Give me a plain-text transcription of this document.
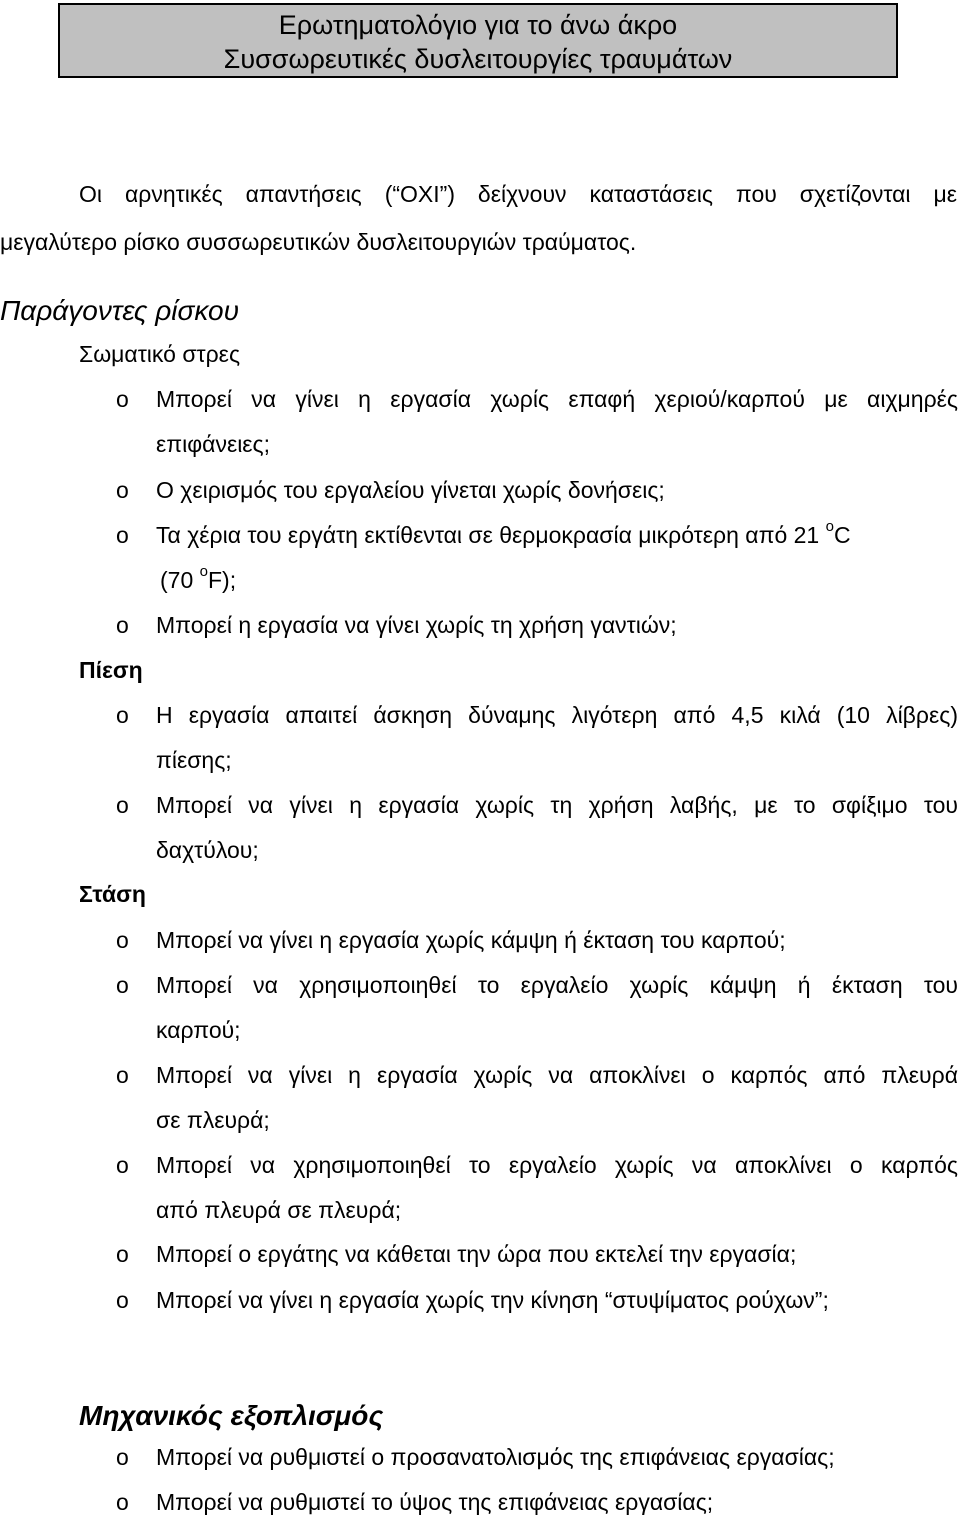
Ερωτηματολόγιο για το άνω άκρο
Συσσωρευτικές δυσλειτουργίες τραυμάτων
Οι αρνητικές απαντήσεις (“ΟΧΙ”) δείχνουν καταστάσεις που σχετίζονται με
μεγαλύτερο ρίσκο συσσωρευτικών δυσλειτουργιών τραύματος.
Παράγοντες ρίσκου
Σωματικό στρες
o Μπορεί να γίνει η εργασία χωρίς επαφή χεριού/καρπού με αιχμηρές
επιφάνειες;
o Ο χειρισμός του εργαλείου γίνεται χωρίς δονήσεις;
o Τα χέρια του εργάτη εκτίθενται σε θερμοκρασία μικρότερη από 21 $^o$C
(70 $^o$F);
o Μπορεί η εργασία να γίνει χωρίς τη χρήση γαντιών;
Πίεση
o Η εργασία απαιτεί άσκηση δύναμης λιγότερη από 4,5 κιλά (10 λίβρες)
πίεσης;
o Μπορεί να γίνει η εργασία χωρίς τη χρήση λαβής, με το σφίξιμο του
δαχτύλου;
Στάση
o Μπορεί να γίνει η εργασία χωρίς κάμψη ή έκταση του καρπού;
o Μπορεί να χρησιμοποιηθεί το εργαλείο χωρίς κάμψη ή έκταση του
καρπού;
o Μπορεί να γίνει η εργασία χωρίς να αποκλίνει ο καρπός από πλευρά
σε πλευρά;
o Μπορεί να χρησιμοποιηθεί το εργαλείο χωρίς να αποκλίνει ο καρπός
από πλευρά σε πλευρά;
o Μπορεί ο εργάτης να κάθεται την ώρα που εκτελεί την εργασία;
o Μπορεί να γίνει η εργασία χωρίς την κίνηση “στυψίματος ρούχων”;
Μηχανικός εξοπλισμός
o Μπορεί να ρυθμιστεί ο προσανατολισμός της επιφάνειας εργασίας;
o Μπορεί να ρυθμιστεί το ύψος της επιφάνειας εργασίας;
